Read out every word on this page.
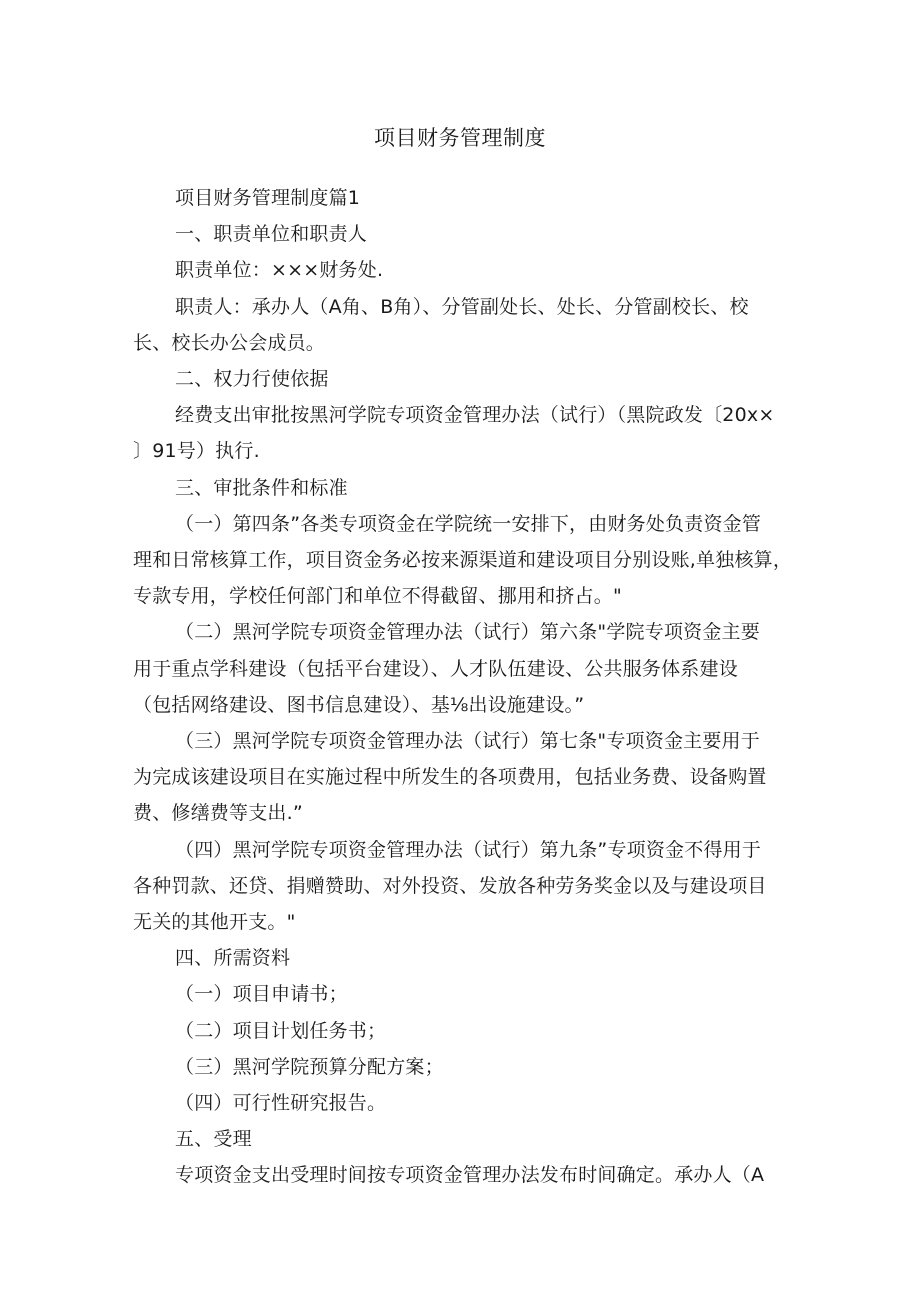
项目财务管理制度

项目财务管理制度篇1

一、职责单位和职责人

职责单位：×××财务处.

职责人：承办人（A角、B角）、分管副处长、处长、分管副校长、校

长、校长办公会成员。

二、权力行使依据

经费支出审批按黑河学院专项资金管理办法（试行）（黑院政发〔20x×

〕91号）执行.

三、审批条件和标准

（一）第四条”各类专项资金在学院统一安排下，由财务处负责资金管

理和日常核算工作，项目资金务必按来源渠道和建设项目分别设账,单独核算，

专款专用，学校任何部门和单位不得截留、挪用和挤占。"

（二）黑河学院专项资金管理办法（试行）第六条"学院专项资金主要

用于重点学科建设（包括平台建设）、人才队伍建设、公共服务体系建设

（包括网络建设、图书信息建设）、基⅛出设施建设。”

（三）黑河学院专项资金管理办法（试行）第七条"专项资金主要用于

为完成该建设项目在实施过程中所发生的各项费用，包括业务费、设备购置

费、修缮费等支出.”

（四）黑河学院专项资金管理办法（试行）第九条”专项资金不得用于

各种罚款、还贷、捐赠赞助、对外投资、发放各种劳务奖金以及与建设项目

无关的其他开支。"

四、所需资料

（一）项目申请书；

（二）项目计划任务书；

（三）黑河学院预算分配方案；

（四）可行性研究报告。

五、受理

专项资金支出受理时间按专项资金管理办法发布时间确定。承办人（A
